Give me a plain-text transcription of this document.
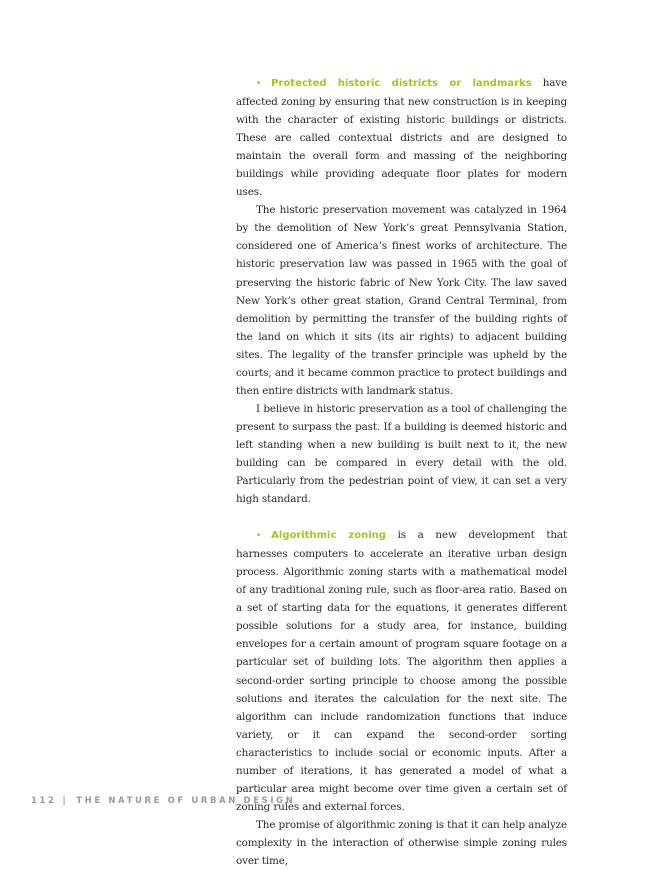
• Protected historic districts or landmarks have affected zoning by ensuring that new construction is in keeping with the character of existing historic buildings or districts. These are called contextual districts and are designed to maintain the overall form and massing of the neighboring buildings while providing adequate floor plates for modern uses.

The historic preservation movement was catalyzed in 1964 by the demolition of New York’s great Pennsylvania Station, considered one of America’s finest works of architecture. The historic preservation law was passed in 1965 with the goal of preserving the historic fabric of New York City. The law saved New York’s other great station, Grand Central Terminal, from demolition by permitting the transfer of the building rights of the land on which it sits (its air rights) to adjacent building sites. The legality of the transfer principle was upheld by the courts, and it became common practice to protect buildings and then entire districts with landmark status.

I believe in historic preservation as a tool of challenging the present to surpass the past. If a building is deemed historic and left standing when a new building is built next to it, the new building can be compared in every detail with the old. Particularly from the pedestrian point of view, it can set a very high standard.

• Algorithmic zoning is a new development that harnesses computers to accelerate an iterative urban design process. Algorithmic zoning starts with a mathematical model of any traditional zoning rule, such as floor-area ratio. Based on a set of starting data for the equations, it generates different possible solutions for a study area, for instance, building envelopes for a certain amount of program square footage on a particular set of building lots. The algorithm then applies a second-order sorting principle to choose among the possible solutions and iterates the calculation for the next site. The algorithm can include randomization functions that induce variety, or it can expand the second-order sorting characteristics to include social or economic inputs. After a number of iterations, it has generated a model of what a particular area might become over time given a certain set of zoning rules and external forces.

The promise of algorithmic zoning is that it can help analyze complexity in the interaction of otherwise simple zoning rules over time,

112 | THE NATURE OF URBAN DESIGN
